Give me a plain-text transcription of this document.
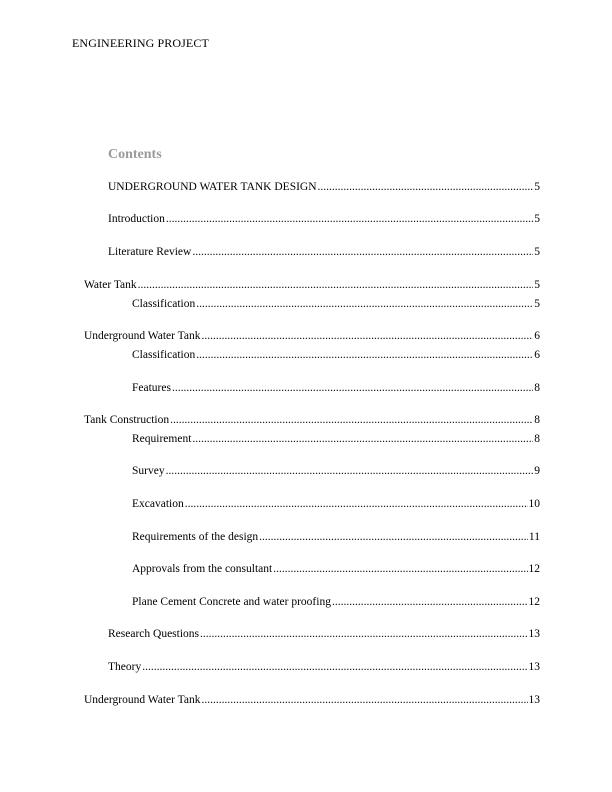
ENGINEERING PROJECT
Contents
UNDERGROUND WATER TANK DESIGN .....	5
Introduction .....	5
Literature Review .....	5
Water Tank .....	5
Classification .....	5
Underground Water Tank .....	6
Classification .....	6
Features .....	8
Tank Construction .....	8
Requirement .....	8
Survey .....	9
Excavation .....	10
Requirements of the design .....	11
Approvals from the consultant .....	12
Plane Cement Concrete and water proofing .....	12
Research Questions .....	13
Theory .....	13
Underground Water Tank .....	13
